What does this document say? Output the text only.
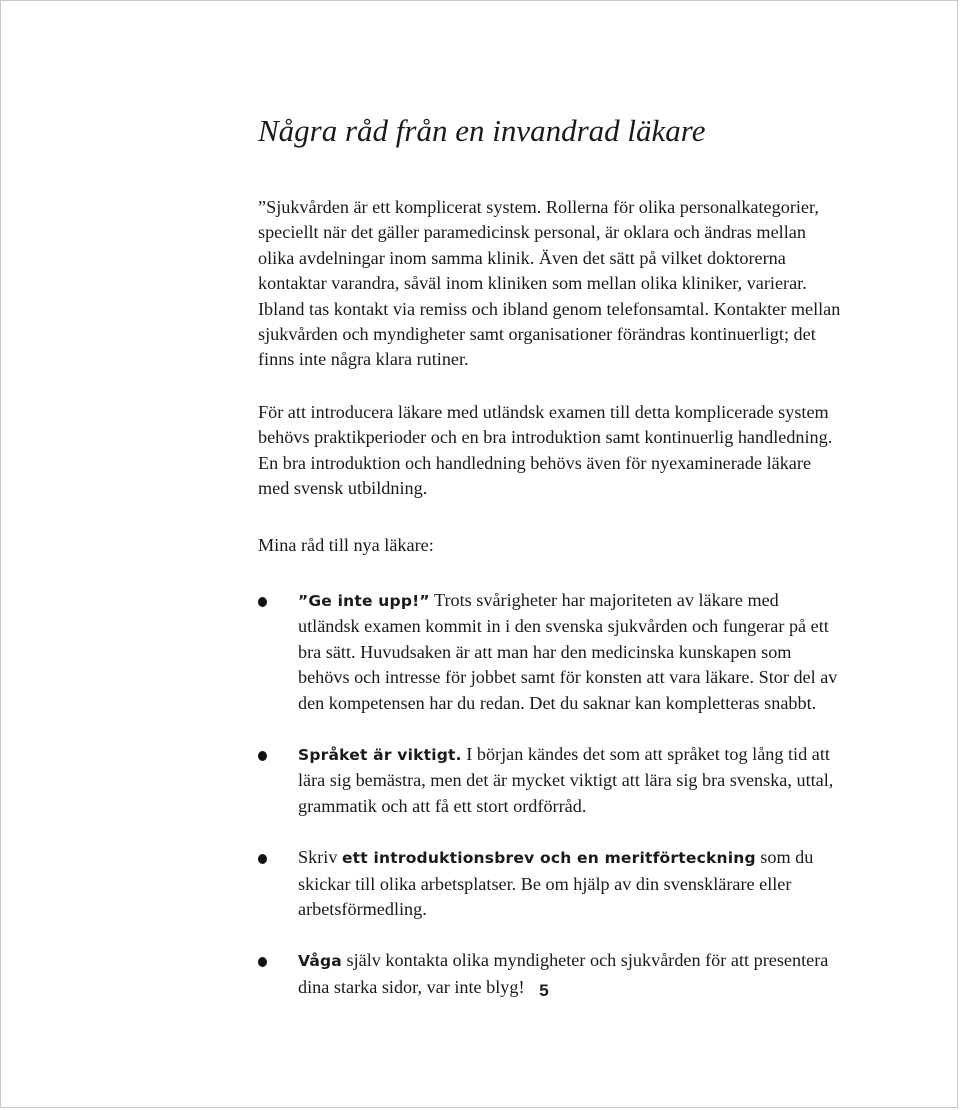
Några råd från en invandrad läkare

”Sjukvården är ett komplicerat system. Rollerna för olika personalkategorier, speciellt när det gäller paramedicinsk personal, är oklara och ändras mellan olika avdelningar inom samma klinik. Även det sätt på vilket doktorerna kontaktar varandra, såväl inom kliniken som mellan olika kliniker, varierar. Ibland tas kontakt via remiss och ibland genom telefonsamtal. Kontakter mellan sjukvården och myndigheter samt organisationer förändras kontinuerligt; det finns inte några klara rutiner.

För att introducera läkare med utländsk examen till detta komplicerade system behövs praktikperioder och en bra introduktion samt kontinuerlig handledning. En bra introduktion och handledning behövs även för nyexaminerade läkare med svensk utbildning.

Mina råd till nya läkare:

”Ge inte upp!” Trots svårigheter har majoriteten av läkare med utländsk examen kommit in i den svenska sjukvården och fungerar på ett bra sätt. Huvudsaken är att man har den medicinska kunskapen som behövs och intresse för jobbet samt för konsten att vara läkare. Stor del av den kompetensen har du redan. Det du saknar kan kompletteras snabbt.
Språket är viktigt. I början kändes det som att språket tog lång tid att lära sig bemästra, men det är mycket viktigt att lära sig bra svenska, uttal, grammatik och att få ett stort ordförråd.
Skriv ett introduktionsbrev och en meritförteckning som du skickar till olika arbetsplatser. Be om hjälp av din svensklärare eller arbetsförmedling.
Våga själv kontakta olika myndigheter och sjukvården för att presentera dina starka sidor, var inte blyg! 5
